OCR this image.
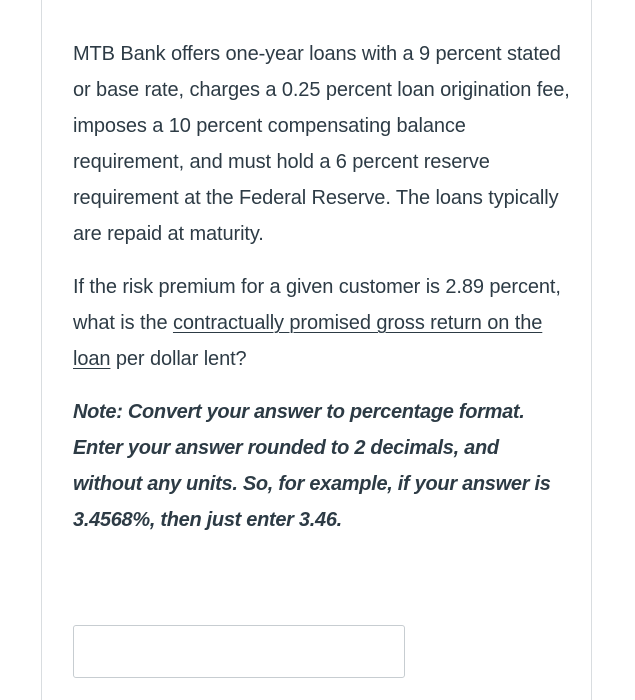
MTB Bank offers one-year loans with a 9 percent stated or base rate, charges a 0.25 percent loan origination fee, imposes a 10 percent compensating balance requirement, and must hold a 6 percent reserve requirement at the Federal Reserve. The loans typically are repaid at maturity.

If the risk premium for a given customer is 2.89 percent, what is the contractually promised gross return on the loan per dollar lent?

Note: Convert your answer to percentage format. Enter your answer rounded to 2 decimals, and without any units. So, for example, if your answer is 3.4568%, then just enter 3.46.
